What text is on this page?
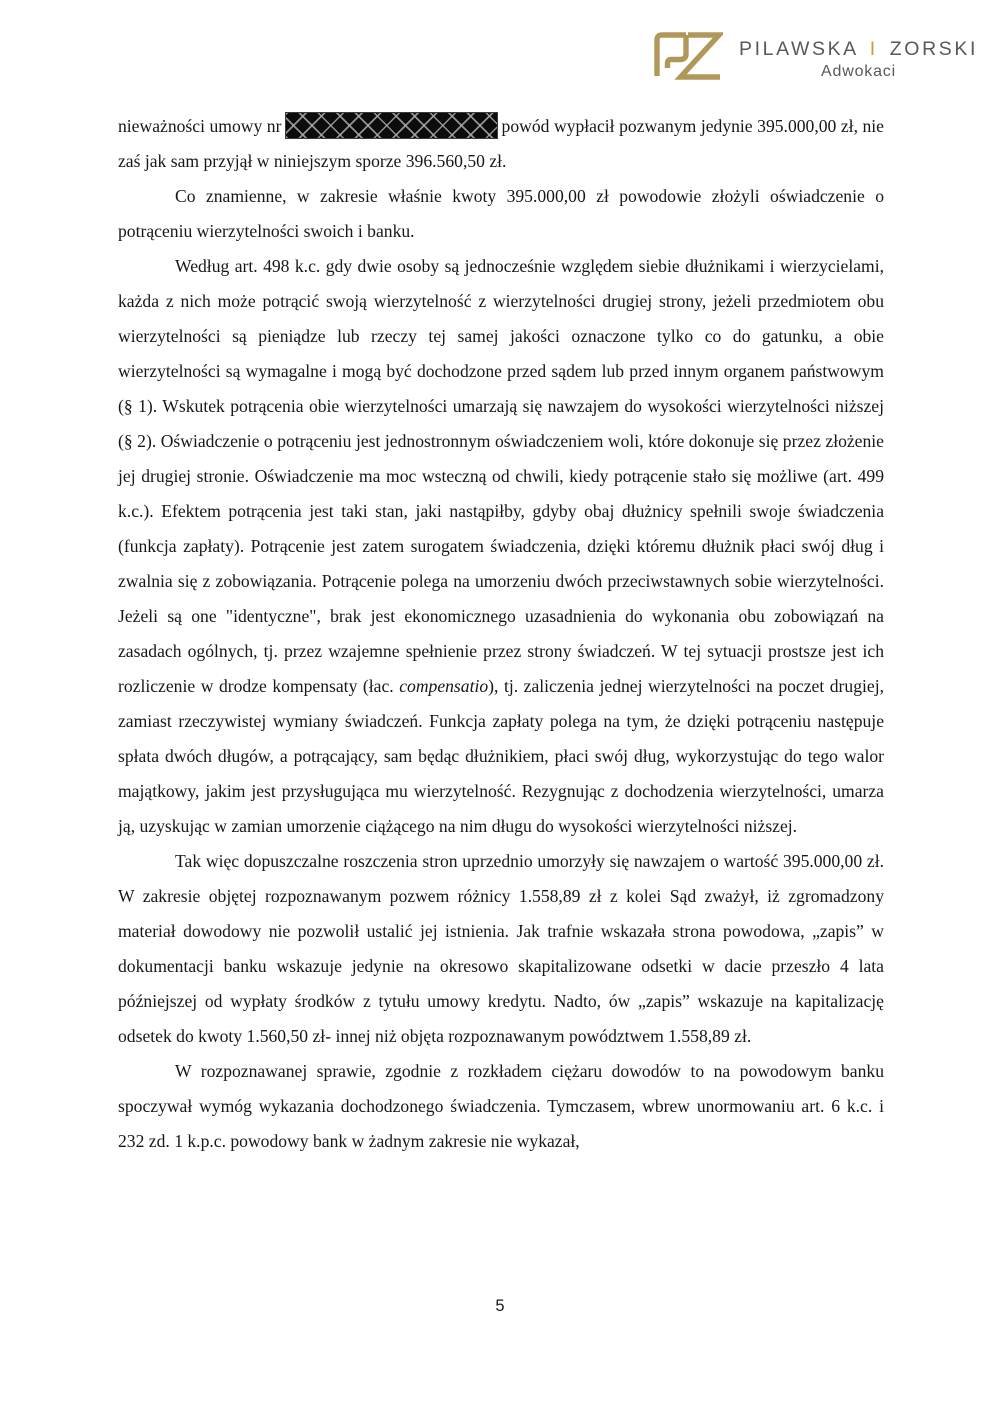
PILAWSKA I ZORSKI
Adwokaci

nieważności umowy nr	powód wypłacił pozwanym jedynie 395.000,00 zł, nie zaś jak sam przyjął w niniejszym sporze 396.560,50 zł.

Co znamienne, w zakresie właśnie kwoty 395.000,00 zł powodowie złożyli oświadczenie o potrąceniu wierzytelności swoich i banku.

Według art. 498 k.c. gdy dwie osoby są jednocześnie względem siebie dłużnikami i wierzycielami, każda z nich może potrącić swoją wierzytelność z wierzytelności drugiej strony, jeżeli przedmiotem obu wierzytelności są pieniądze lub rzeczy tej samej jakości oznaczone tylko co do gatunku, a obie wierzytelności są wymagalne i mogą być dochodzone przed sądem lub przed innym organem państwowym (§ 1). Wskutek potrącenia obie wierzytelności umarzają się nawzajem do wysokości wierzytelności niższej (§ 2). Oświadczenie o potrąceniu jest jednostronnym oświadczeniem woli, które dokonuje się przez złożenie jej drugiej stronie. Oświadczenie ma moc wsteczną od chwili, kiedy potrącenie stało się możliwe (art. 499 k.c.). Efektem potrącenia jest taki stan, jaki nastąpiłby, gdyby obaj dłużnicy spełnili swoje świadczenia (funkcja zapłaty). Potrącenie jest zatem surogatem świadczenia, dzięki któremu dłużnik płaci swój dług i zwalnia się z zobowiązania. Potrącenie polega na umorzeniu dwóch przeciwstawnych sobie wierzytelności. Jeżeli są one "identyczne", brak jest ekonomicznego uzasadnienia do wykonania obu zobowiązań na zasadach ogólnych, tj. przez wzajemne spełnienie przez strony świadczeń. W tej sytuacji prostsze jest ich rozliczenie w drodze kompensaty (łac. compensatio), tj. zaliczenia jednej wierzytelności na poczet drugiej, zamiast rzeczywistej wymiany świadczeń. Funkcja zapłaty polega na tym, że dzięki potrąceniu następuje spłata dwóch długów, a potrącający, sam będąc dłużnikiem, płaci swój dług, wykorzystując do tego walor majątkowy, jakim jest przysługująca mu wierzytelność. Rezygnując z dochodzenia wierzytelności, umarza ją, uzyskując w zamian umorzenie ciążącego na nim długu do wysokości wierzytelności niższej.

Tak więc dopuszczalne roszczenia stron uprzednio umorzyły się nawzajem o wartość 395.000,00 zł. W zakresie objętej rozpoznawanym pozwem różnicy 1.558,89 zł z kolei Sąd zważył, iż zgromadzony materiał dowodowy nie pozwolił ustalić jej istnienia. Jak trafnie wskazała strona powodowa, „zapis” w dokumentacji banku wskazuje jedynie na okresowo skapitalizowane odsetki w dacie przeszło 4 lata późniejszej od wypłaty środków z tytułu umowy kredytu. Nadto, ów „zapis” wskazuje na kapitalizację odsetek do kwoty 1.560,50 zł- innej niż objęta rozpoznawanym powództwem 1.558,89 zł.

W rozpoznawanej sprawie, zgodnie z rozkładem ciężaru dowodów to na powodowym banku spoczywał wymóg wykazania dochodzonego świadczenia. Tymczasem, wbrew unormowaniu art. 6 k.c. i 232 zd. 1 k.p.c. powodowy bank w żadnym zakresie nie wykazał,

5
